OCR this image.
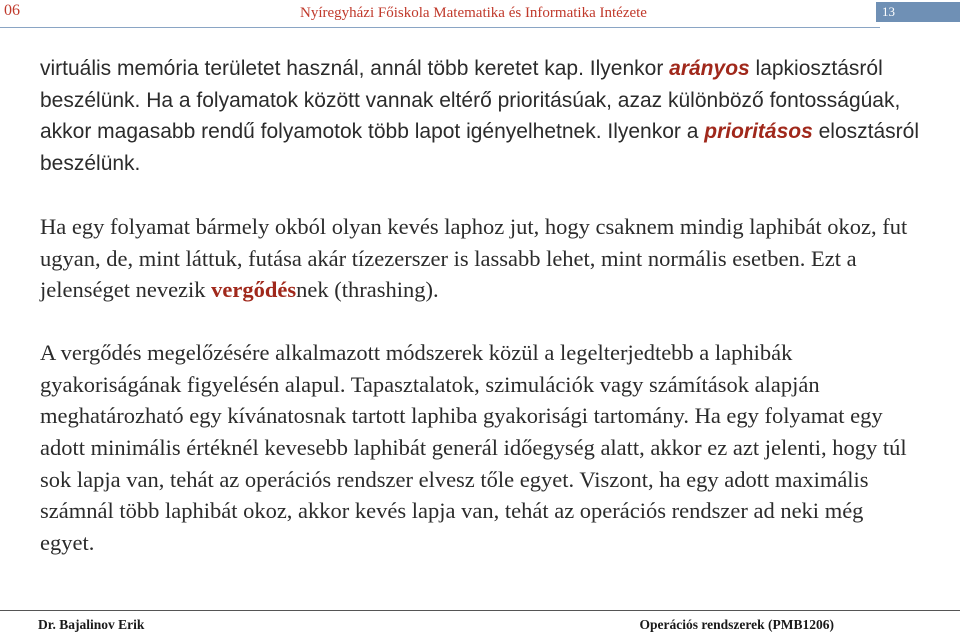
06	Nyíregyházi Főiskola Matematika és Informatika Intézete	13

virtuális memória területet használ, annál több keretet kap. Ilyenkor arányos lapkiosztásról beszélünk. Ha a folyamatok között vannak eltérő prioritásúak, azaz különböző fontosságúak, akkor magasabb rendű folyamotok több lapot igényelhetnek. Ilyenkor a prioritásos elosztásról beszélünk.

Ha egy folyamat bármely okból olyan kevés laphoz jut, hogy csaknem mindig laphibát okoz, fut ugyan, de, mint láttuk, futása akár tízezerszer is lassabb lehet, mint normális esetben. Ezt a jelenséget nevezik vergődésnek (thrashing).

A vergődés megelőzésére alkalmazott módszerek közül a legelterjedtebb a laphibák gyakoriságának figyelésén alapul. Tapasztalatok, szimulációk vagy számítások alapján meghatározható egy kívánatosnak tartott laphiba gyakorisági tartomány. Ha egy folyamat egy adott minimális értéknél kevesebb laphibát generál időegység alatt, akkor ez azt jelenti, hogy túl sok lapja van, tehát az operációs rendszer elvesz tőle egyet. Viszont, ha egy adott maximális számnál több laphibát okoz, akkor kevés lapja van, tehát az operációs rendszer ad neki még egyet.

Dr. Bajalinov Erik	Operációs rendszerek (PMB1206)
